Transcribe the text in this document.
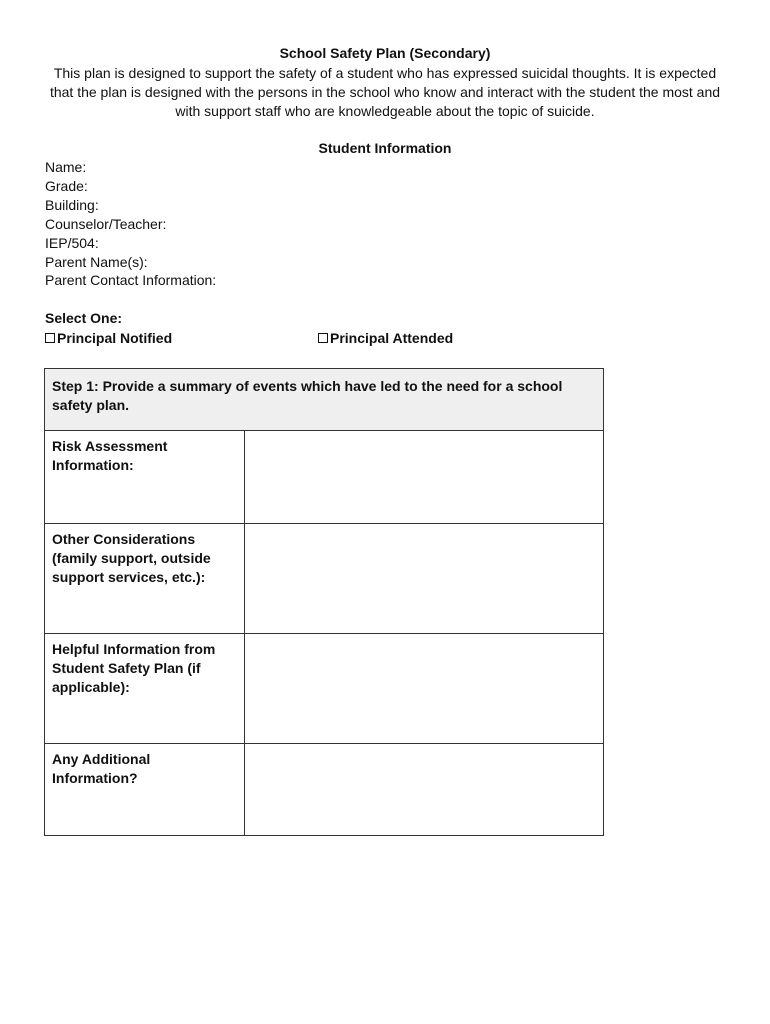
School Safety Plan (Secondary)
This plan is designed to support the safety of a student who has expressed suicidal thoughts. It is expected that the plan is designed with the persons in the school who know and interact with the student the most and with support staff who are knowledgeable about the topic of suicide.
Student Information
Name:
Grade:
Building:
Counselor/Teacher:
IEP/504:
Parent Name(s):
Parent Contact Information:
Select One:
Principal Notified	Principal Attended
Step 1: Provide a summary of events which have led to the need for a school safety plan.
Risk Assessment Information:
Other Considerations (family support, outside support services, etc.):
Helpful Information from Student Safety Plan (if applicable):
Any Additional Information?
